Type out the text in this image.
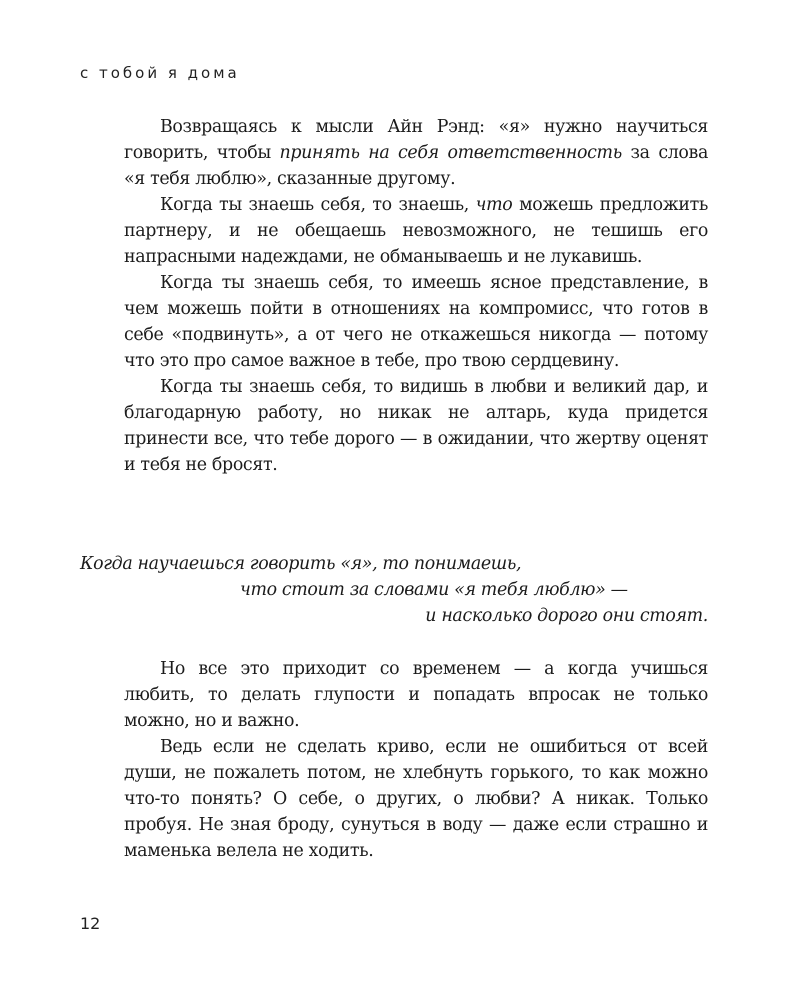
с тобой я дома

Возвращаясь к мысли Айн Рэнд: «я» нужно научиться говорить, чтобы принять на себя ответственность за слова «я тебя люблю», сказанные другому.

Когда ты знаешь себя, то знаешь, что можешь предложить партнеру, и не обещаешь невозможного, не тешишь его напрасными надеждами, не обманываешь и не лукавишь.

Когда ты знаешь себя, то имеешь ясное представление, в чем можешь пойти в отношениях на компромисс, что готов в себе «подвинуть», а от чего не откажешься никогда — потому что это про самое важное в тебе, про твою сердцевину.

Когда ты знаешь себя, то видишь в любви и великий дар, и благодарную работу, но никак не алтарь, куда придется принести все, что тебе дорого — в ожидании, что жертву оценят и тебя не бросят.

Когда научаешься говорить «я», то понимаешь,
что стоит за словами «я тебя люблю» —
и насколько дорого они стоят.

Но все это приходит со временем — а когда учишься любить, то делать глупости и попадать впросак не только можно, но и важно.

Ведь если не сделать криво, если не ошибиться от всей души, не пожалеть потом, не хлебнуть горького, то как можно что-то понять? О себе, о других, о любви? А никак. Только пробуя. Не зная броду, сунуться в воду — даже если страшно и маменька велела не ходить.

12
